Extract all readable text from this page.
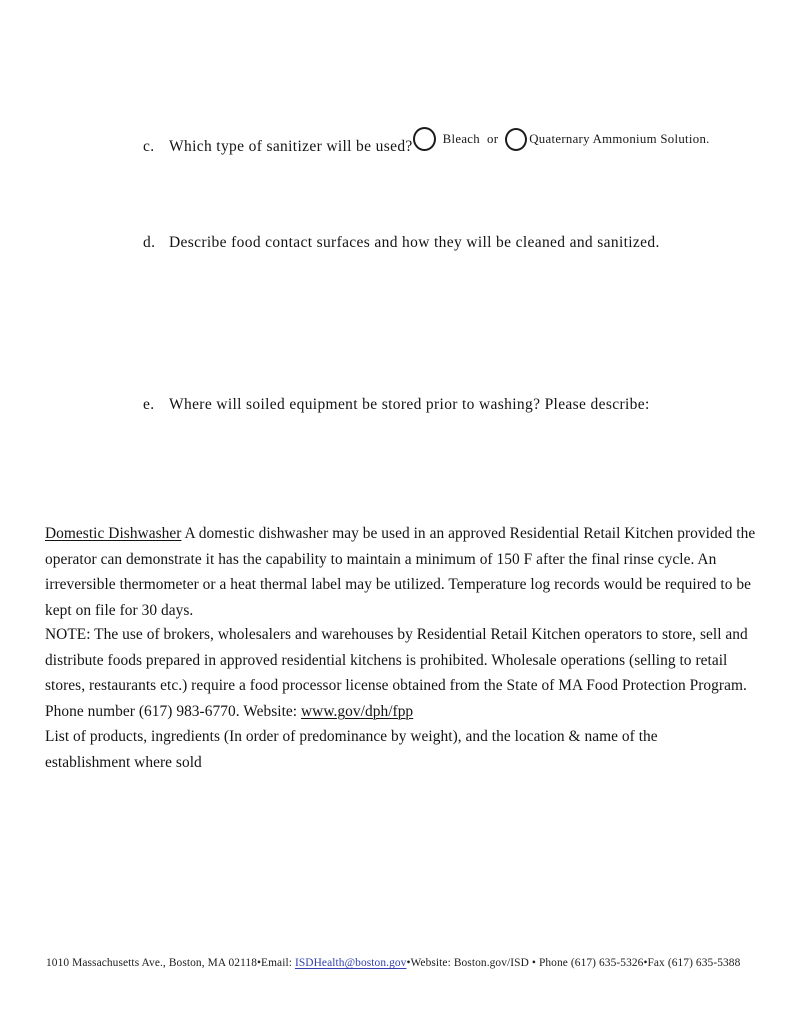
c. Which type of sanitizer will be used? Bleach or Quaternary Ammonium Solution.
d. Describe food contact surfaces and how they will be cleaned and sanitized.
e. Where will soiled equipment be stored prior to washing? Please describe:
Domestic Dishwasher A domestic dishwasher may be used in an approved Residential Retail Kitchen provided the operator can demonstrate it has the capability to maintain a minimum of 150 F after the final rinse cycle. An irreversible thermometer or a heat thermal label may be utilized. Temperature log records would be required to be kept on file for 30 days.
NOTE: The use of brokers, wholesalers and warehouses by Residential Retail Kitchen operators to store, sell and distribute foods prepared in approved residential kitchens is prohibited. Wholesale operations (selling to retail stores, restaurants etc.) require a food processor license obtained from the State of MA Food Protection Program. Phone number (617) 983-6770. Website: www.gov/dph/fpp
List of products, ingredients (In order of predominance by weight), and the location & name of the establishment where sold
1010 Massachusetts Ave., Boston, MA 02118•Email: ISDHealth@boston.gov•Website: Boston.gov/ISD • Phone (617) 635-5326•Fax (617) 635-5388
